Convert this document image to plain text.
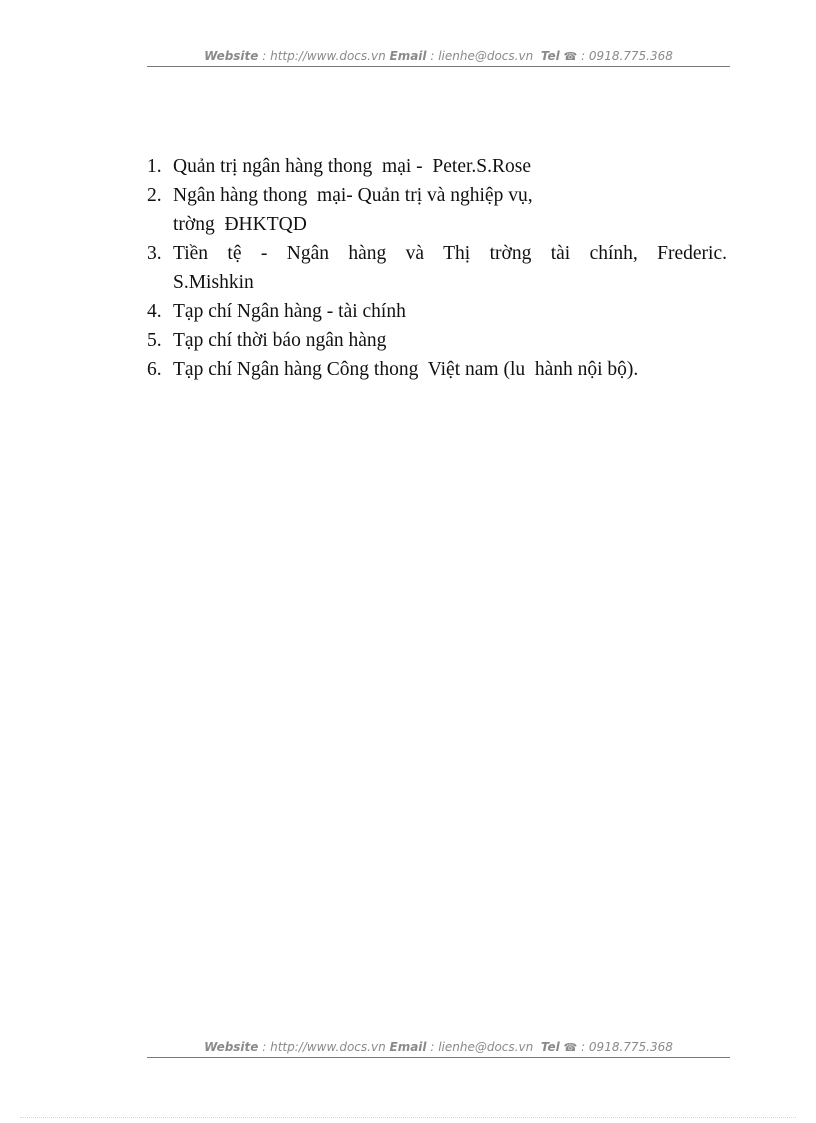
Website : http://www.docs.vn Email : lienhe@docs.vn  Tel ☎ : 0918.775.368
1. Quản trị ngân hàng thong  mại -  Peter.S.Rose
2. Ngân hàng thong  mại- Quản trị và nghiệp vụ,
trờng  ĐHKTQD
3. Tiền tệ - Ngân hàng và Thị trờng tài chính, Frederic.
S.Mishkin
4. Tạp chí Ngân hàng - tài chính
5. Tạp chí thời báo ngân hàng
6. Tạp chí Ngân hàng Công thong  Việt nam (lu  hành nội bộ).
Website : http://www.docs.vn Email : lienhe@docs.vn  Tel ☎ : 0918.775.368
